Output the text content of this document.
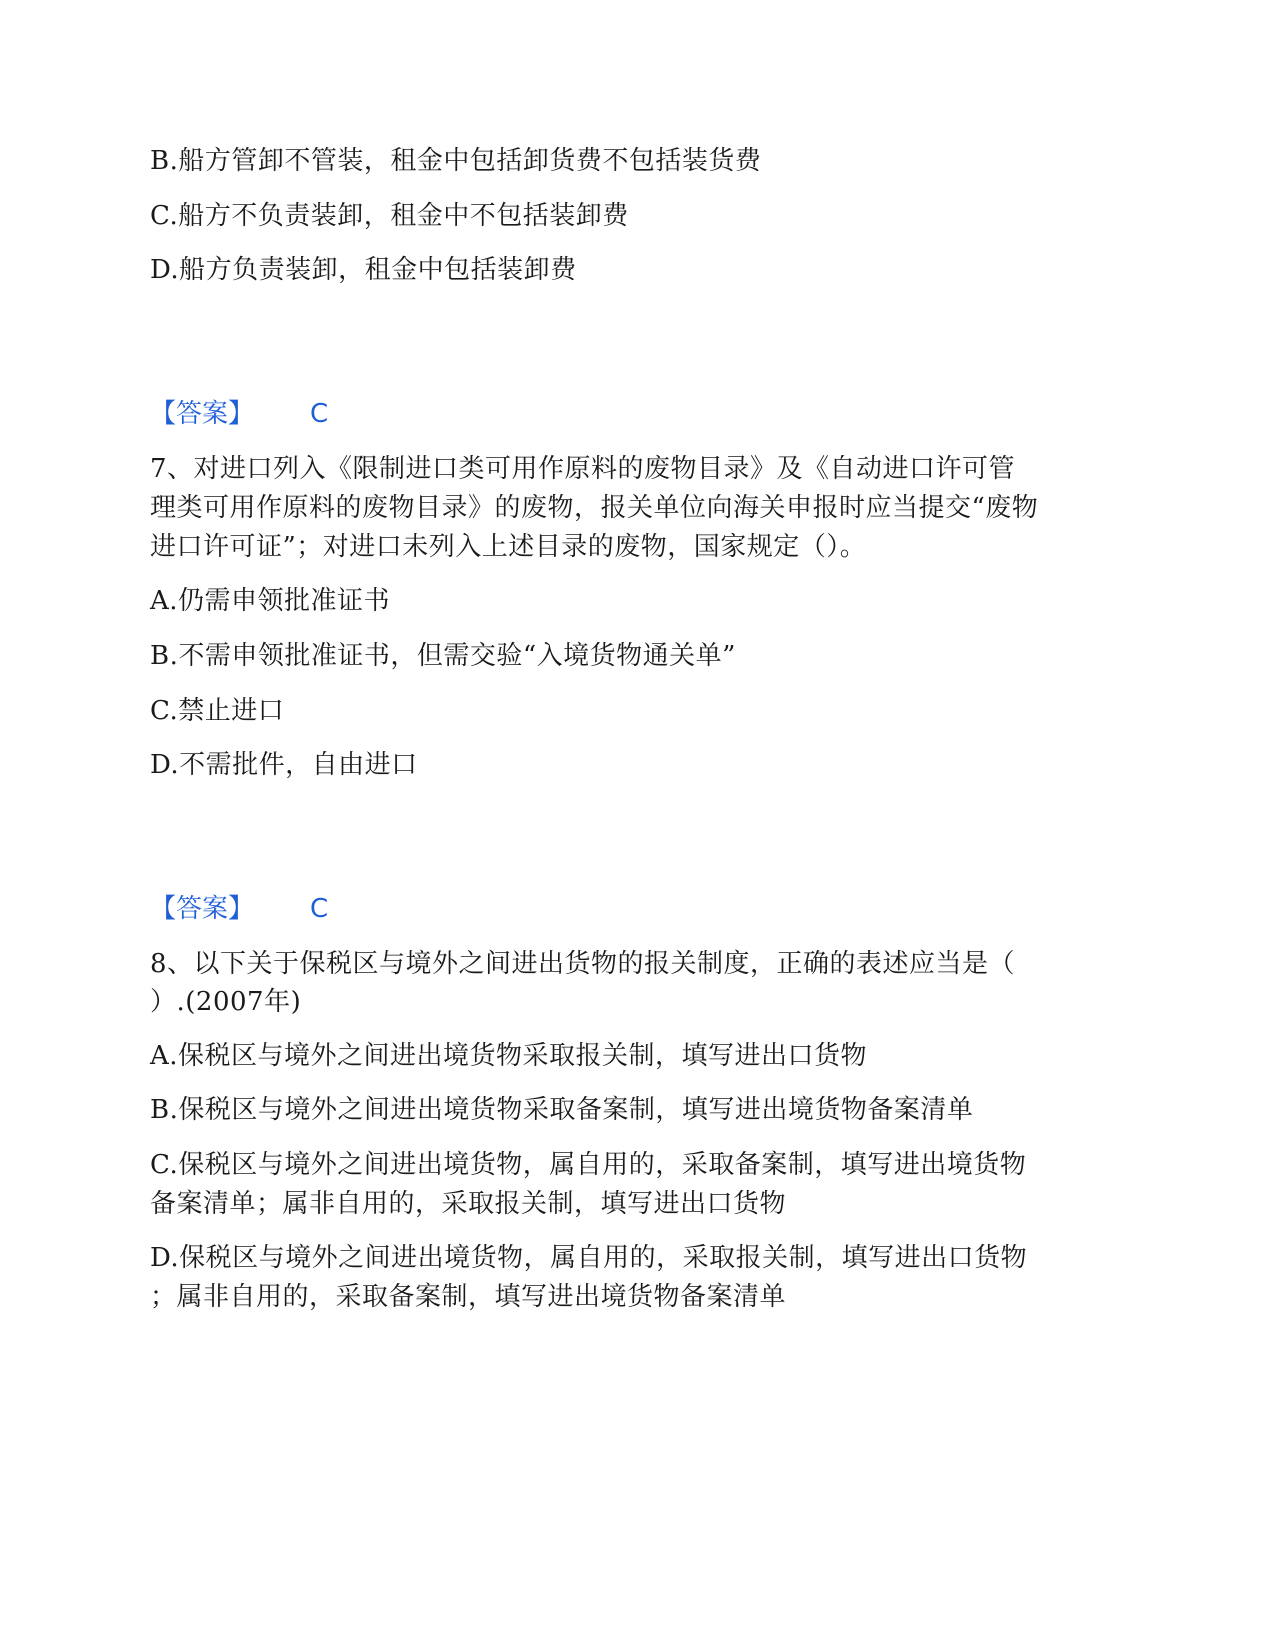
B.船方管卸不管装，租金中包括卸货费不包括装货费
C.船方不负责装卸，租金中不包括装卸费
D.船方负责装卸，租金中包括装卸费
【答案】 C
7、对进口列入《限制进口类可用作原料的废物目录》及《自动进口许可管
理类可用作原料的废物目录》的废物，报关单位向海关申报时应当提交“废物
进口许可证”；对进口未列入上述目录的废物，国家规定（）。
A.仍需申领批准证书
B.不需申领批准证书，但需交验“入境货物通关单”
C.禁止进口
D.不需批件，自由进口
【答案】 C
8、以下关于保税区与境外之间进出货物的报关制度，正确的表述应当是（
）.(2007年)
A.保税区与境外之间进出境货物采取报关制，填写进出口货物
B.保税区与境外之间进出境货物采取备案制，填写进出境货物备案清单
C.保税区与境外之间进出境货物，属自用的，采取备案制，填写进出境货物
备案清单；属非自用的，采取报关制，填写进出口货物
D.保税区与境外之间进出境货物，属自用的，采取报关制，填写进出口货物
；属非自用的，采取备案制，填写进出境货物备案清单
